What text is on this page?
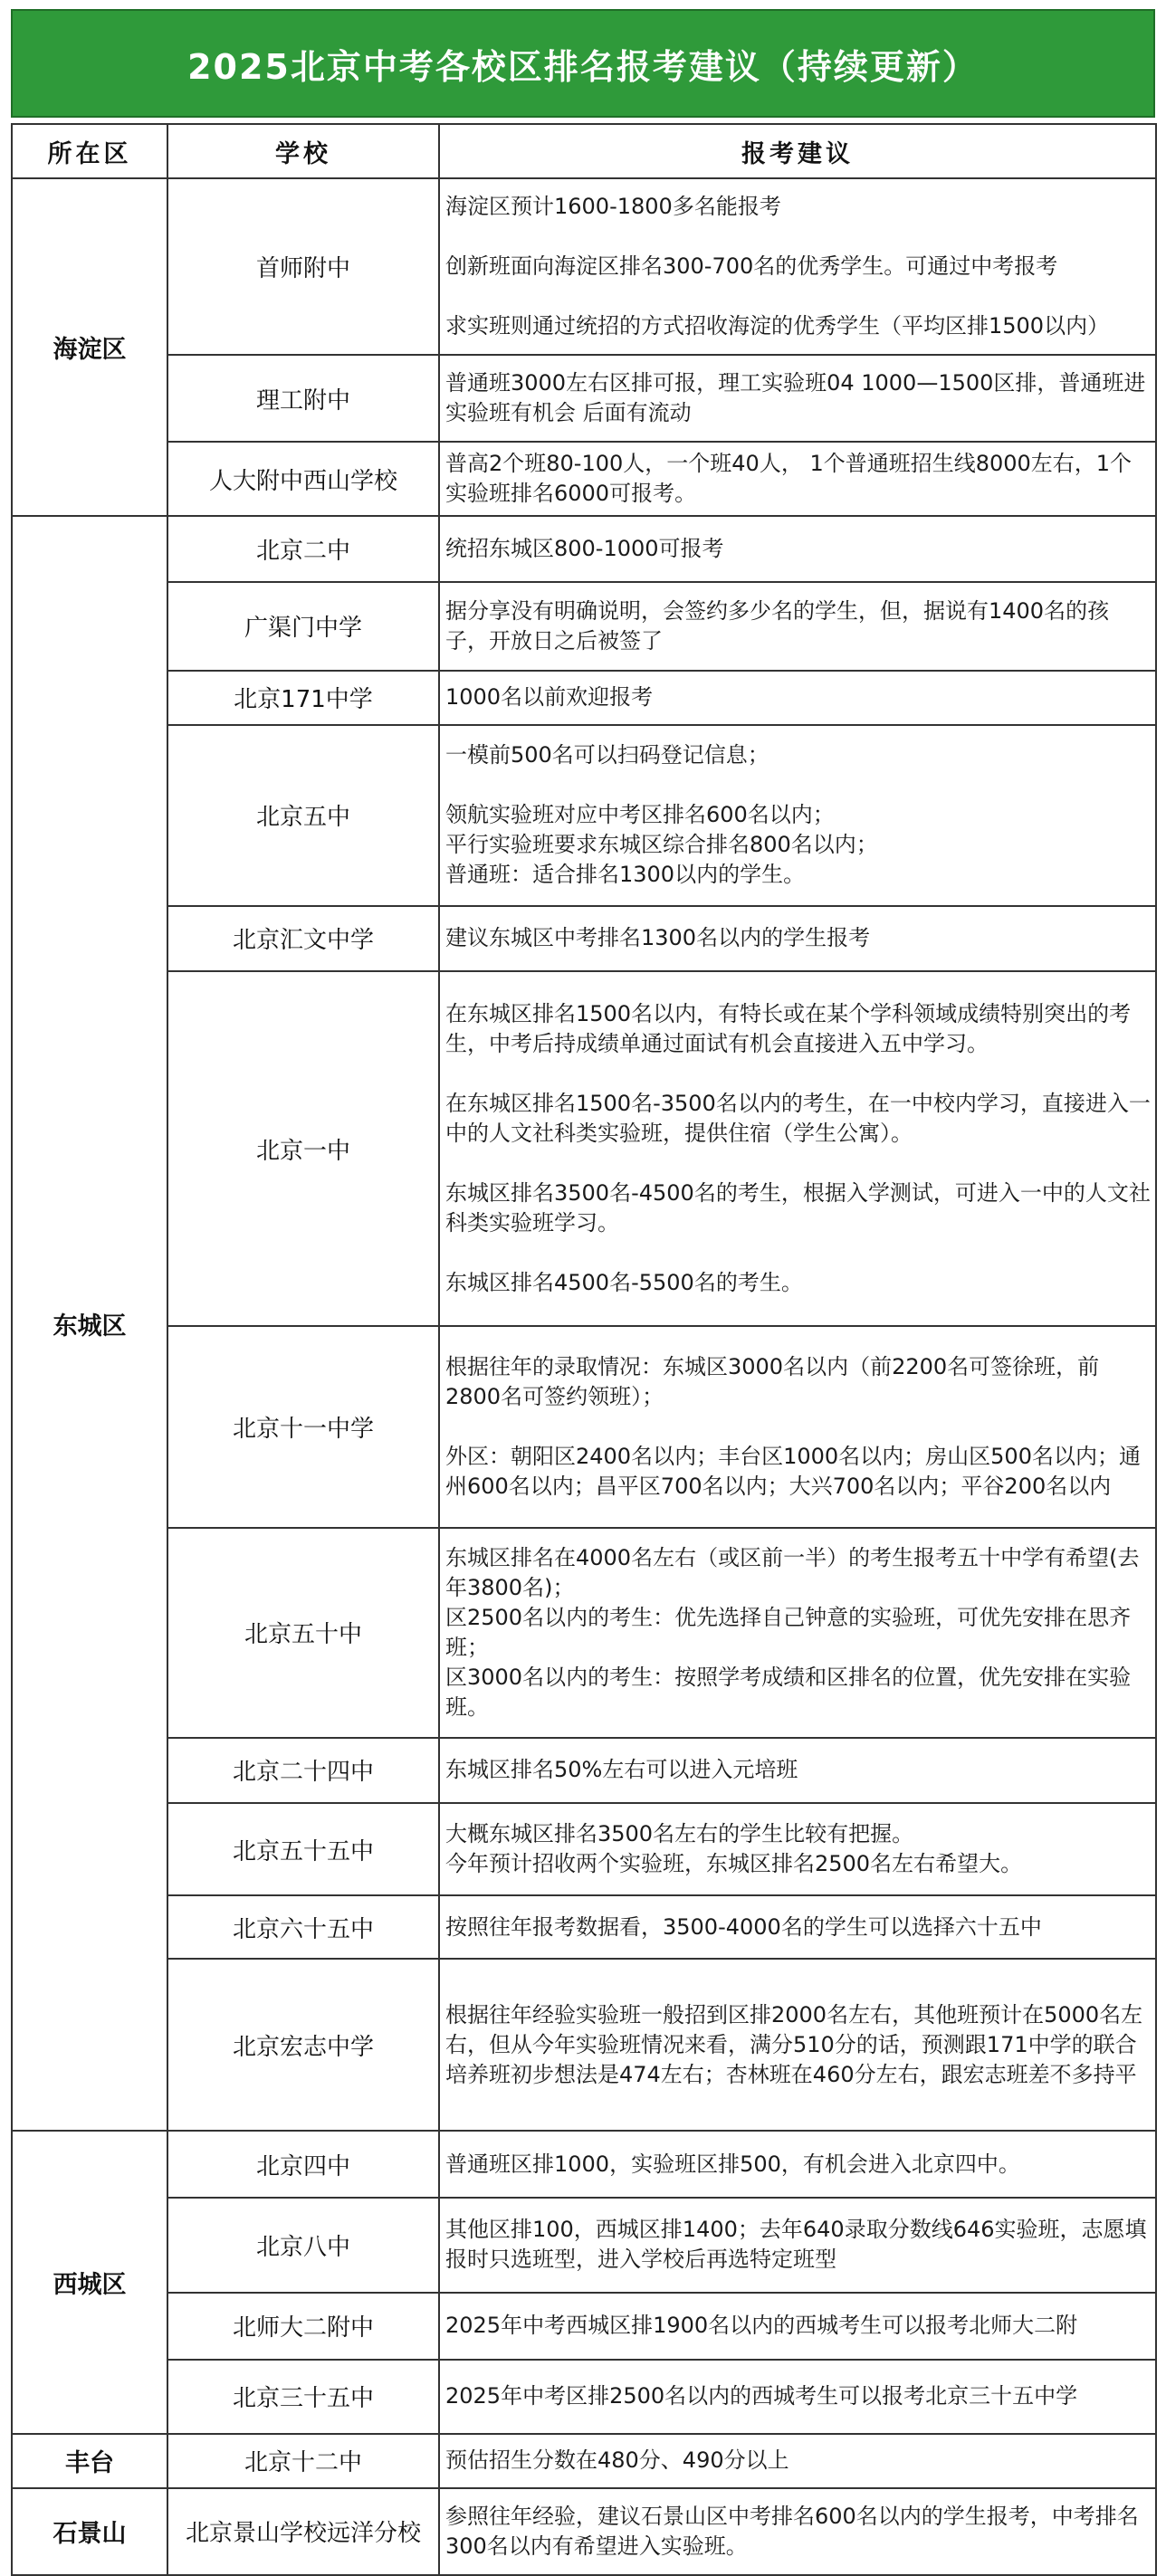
2025北京中考各校区排名报考建议（持续更新）
所在区	学校	报考建议
海淀区	首师附中	海淀区预计1600-1800多名能报考

创新班面向海淀区排名300-700名的优秀学生。可通过中考报考

求实班则通过统招的方式招收海淀的优秀学生（平均区排1500以内）

	理工附中	普通班3000左右区排可报，理工实验班04 1000—1500区排，普通班进实验班有机会 后面有流动

	人大附中西山学校	普高2个班80-100人，一个班40人， 1个普通班招生线8000左右，1个实验班排名6000可报考。

东城区	北京二中	统招东城区800-1000可报考

	广渠门中学	据分享没有明确说明，会签约多少名的学生，但，据说有1400名的孩子，开放日之后被签了

	北京171中学	1000名以前欢迎报考

	北京五中	一模前500名可以扫码登记信息；

领航实验班对应中考区排名600名以内；

平行实验班要求东城区综合排名800名以内；

普通班：适合排名1300以内的学生。

	北京汇文中学	建议东城区中考排名1300名以内的学生报考

	北京一中	在东城区排名1500名以内，有特长或在某个学科领域成绩特别突出的考生，中考后持成绩单通过面试有机会直接进入五中学习。

在东城区排名1500名-3500名以内的考生，在一中校内学习，直接进入一中的人文社科类实验班，提供住宿（学生公寓）。

东城区排名3500名-4500名的考生，根据入学测试，可进入一中的人文社科类实验班学习。

东城区排名4500名-5500名的考生。

	北京十一中学	根据往年的录取情况：东城区3000名以内（前2200名可签徐班，前2800名可签约领班）；

外区：朝阳区2400名以内；丰台区1000名以内；房山区500名以内；通州600名以内；昌平区700名以内；大兴700名以内；平谷200名以内

	北京五十中	东城区排名在4000名左右（或区前一半）的考生报考五十中学有希望(去年3800名)；

区2500名以内的考生：优先选择自己钟意的实验班，可优先安排在思齐班；

区3000名以内的考生：按照学考成绩和区排名的位置，优先安排在实验班。

	北京二十四中	东城区排名50%左右可以进入元培班

	北京五十五中	大概东城区排名3500名左右的学生比较有把握。

今年预计招收两个实验班，东城区排名2500名左右希望大。

	北京六十五中	按照往年报考数据看，3500-4000名的学生可以选择六十五中

	北京宏志中学	根据往年经验实验班一般招到区排2000名左右，其他班预计在5000名左右，但从今年实验班情况来看，满分510分的话，预测跟171中学的联合培养班初步想法是474左右；杏林班在460分左右，跟宏志班差不多持平

西城区	北京四中	普通班区排1000，实验班区排500，有机会进入北京四中。

	北京八中	其他区排100，西城区排1400；去年640录取分数线646实验班，志愿填报时只选班型，进入学校后再选特定班型

	北师大二附中	2025年中考西城区排1900名以内的西城考生可以报考北师大二附

	北京三十五中	2025年中考区排2500名以内的西城考生可以报考北京三十五中学

丰台	北京十二中	预估招生分数在480分、490分以上

石景山	北京景山学校远洋分校	参照往年经验，建议石景山区中考排名600名以内的学生报考，中考排名300名以内有希望进入实验班。
